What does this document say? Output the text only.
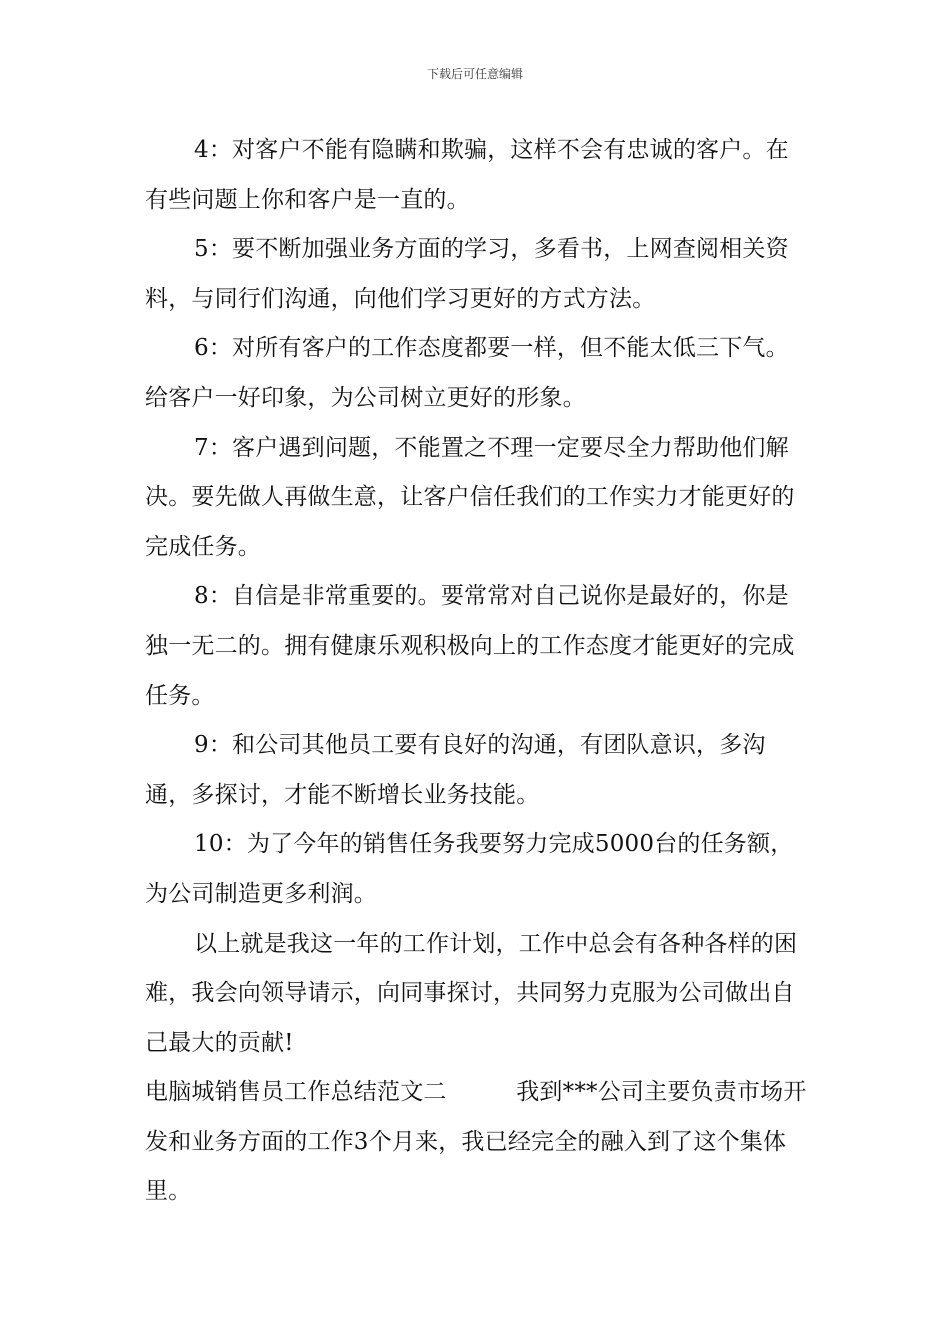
下载后可任意编辑

4：对客户不能有隐瞒和欺骗，这样不会有忠诚的客户。在有些问题上你和客户是一直的。

5：要不断加强业务方面的学习，多看书，上网查阅相关资料，与同行们沟通，向他们学习更好的方式方法。

6：对所有客户的工作态度都要一样，但不能太低三下气。给客户一好印象，为公司树立更好的形象。

7：客户遇到问题，不能置之不理一定要尽全力帮助他们解决。要先做人再做生意，让客户信任我们的工作实力才能更好的完成任务。

8：自信是非常重要的。要常常对自己说你是最好的，你是独一无二的。拥有健康乐观积极向上的工作态度才能更好的完成任务。

9：和公司其他员工要有良好的沟通，有团队意识，多沟通，多探讨，才能不断增长业务技能。

10：为了今年的销售任务我要努力完成5000台的任务额，为公司制造更多利润。

以上就是我这一年的工作计划，工作中总会有各种各样的困难，我会向领导请示，向同事探讨，共同努力克服为公司做出自己最大的贡献!

电脑城销售员工作总结范文二　　　	我到***公司主要负责市场开发和业务方面的工作3个月来，我已经完全的融入到了这个集体里。
